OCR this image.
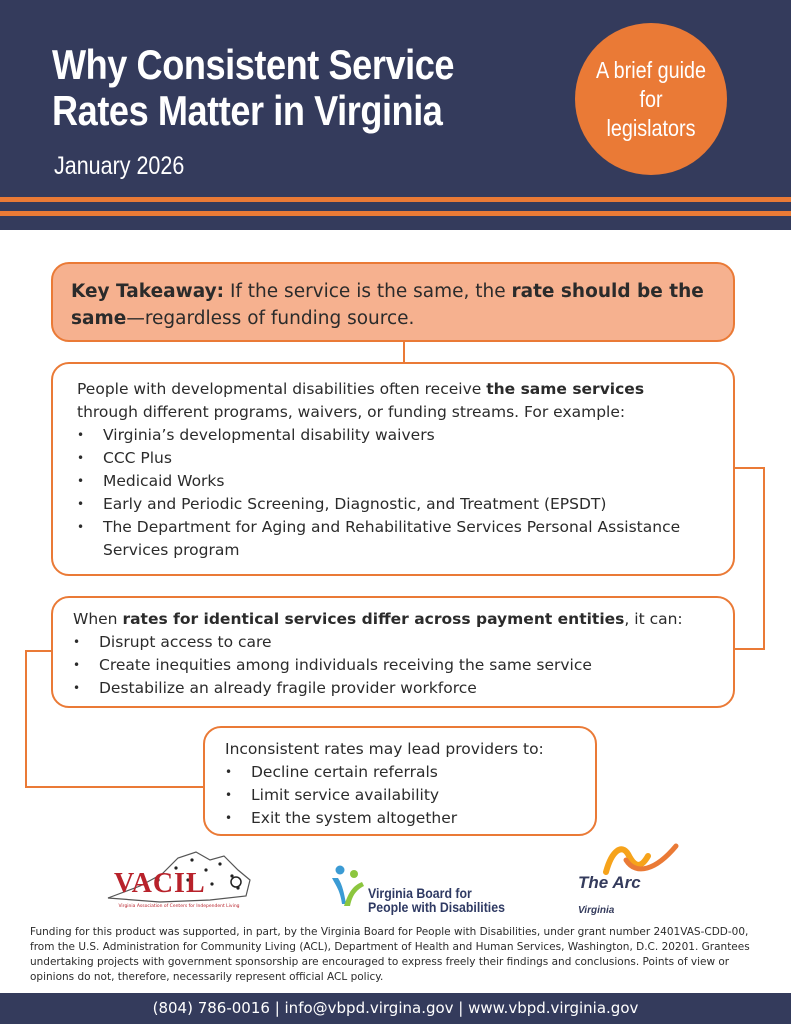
Why Consistent Service Rates Matter in Virginia
January 2026
A brief guide for legislators

Key Takeaway: If the service is the same, the rate should be the same—regardless of funding source.

People with developmental disabilities often receive the same services through different programs, waivers, or funding streams. For example:

•	Virginia’s developmental disability waivers
•	CCC Plus
•	Medicaid Works
•	Early and Periodic Screening, Diagnostic, and Treatment (EPSDT)
•	The Department for Aging and Rehabilitative Services Personal Assistance Services program

When rates for identical services differ across payment entities, it can:

•	Disrupt access to care
•	Create inequities among individuals receiving the same service
•	Destabilize an already fragile provider workforce

Inconsistent rates may lead providers to:

•	Decline certain referrals
•	Limit service availability
•	Exit the system altogether
VACIL
Virginia Association of Centers for Independent Living
Virginia Board for
People with Disabilities
The Arc
Virginia

Funding for this product was supported, in part, by the Virginia Board for People with Disabilities, under grant number 2401VAS-CDD-00, from the U.S. Administration for Community Living (ACL), Department of Health and Human Services, Washington, D.C. 20201. Grantees undertaking projects with government sponsorship are encouraged to express freely their findings and conclusions. Points of view or opinions do not, therefore, necessarily represent official ACL policy.

(804) 786-0016 | info@vbpd.virgina.gov | www.vbpd.virginia.gov
